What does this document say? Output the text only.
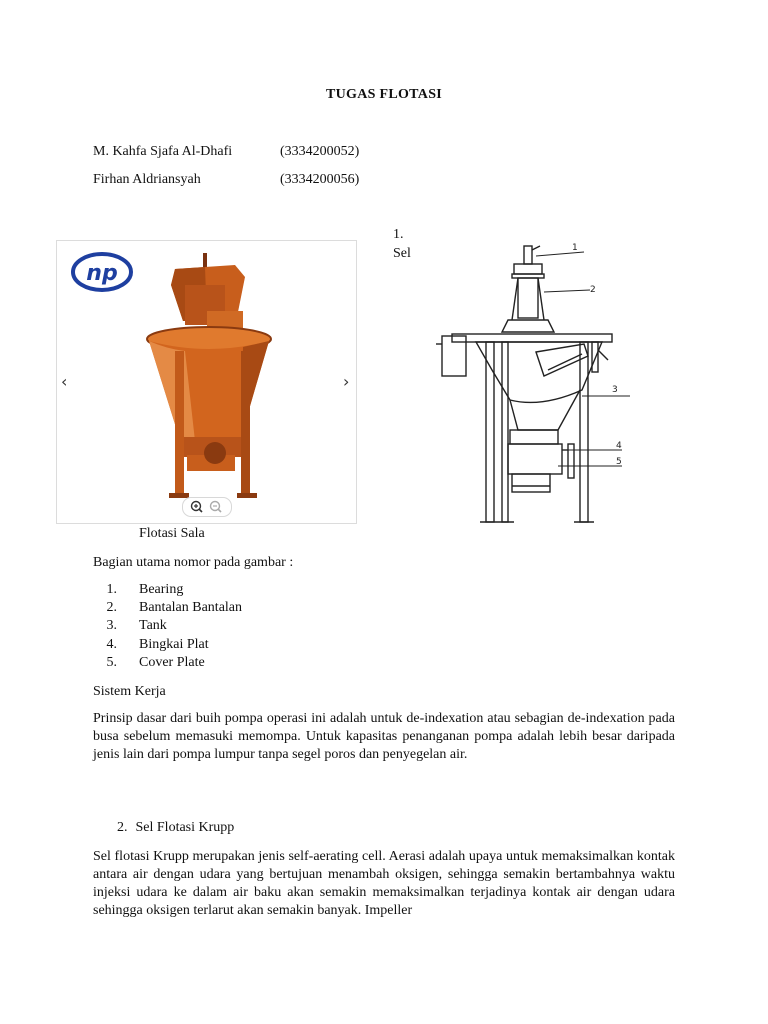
TUGAS FLOTASI
M. Kahfa Sjafa Al-Dhafi	(3334200052)
Firhan Aldriansyah	(3334200056)
np
‹	›
Flotasi Sala
1.
Sel	1
2
3
4
5
Bagian utama nomor pada gambar :
1. Bearing
2. Bantalan Bantalan
3. Tank
4. Bingkai Plat
5. Cover Plate
Sistem Kerja
Prinsip dasar dari buih pompa operasi ini adalah untuk de-indexation atau sebagian de-indexation pada busa sebelum memasuki memompa. Untuk kapasitas penanganan pompa adalah lebih besar daripada jenis lain dari pompa lumpur tanpa segel poros dan penyegelan air.
2. Sel Flotasi Krupp
Sel flotasi Krupp merupakan jenis self-aerating cell. Aerasi adalah upaya untuk memaksimalkan kontak antara air dengan udara yang bertujuan menambah oksigen, sehingga semakin bertambahnya waktu injeksi udara ke dalam air baku akan semakin memaksimalkan terjadinya kontak air dengan udara sehingga oksigen terlarut akan semakin banyak. Impeller
